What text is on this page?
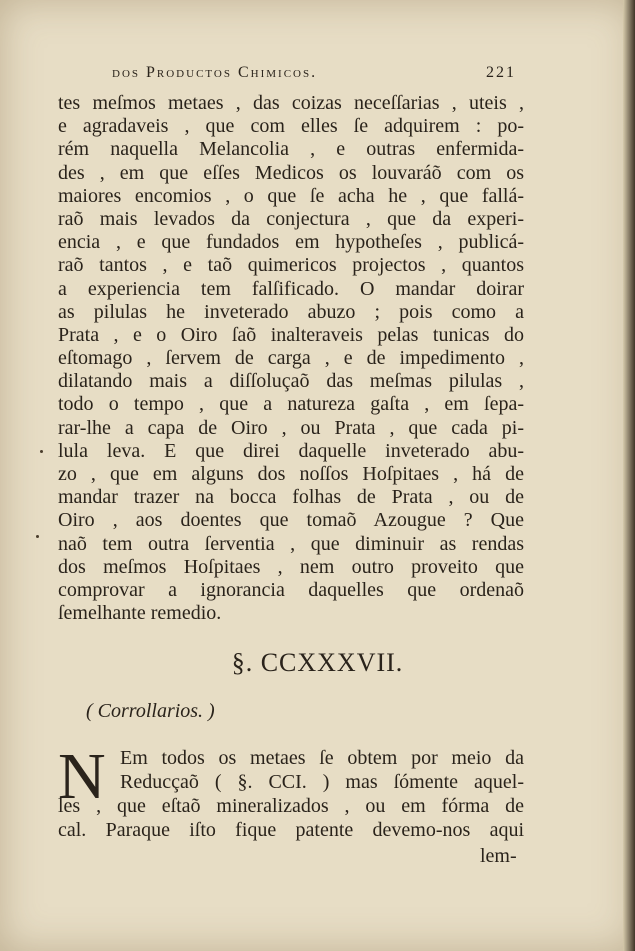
dos Productos Chimicos.	221
tes meſmos metaes , das coizas neceſſarias , uteis ,
e agradaveis , que com elles ſe adquirem : po-
rém naquella Melancolia , e outras enfermida-
des , em que eſſes Medicos os louvaráõ com os
maiores encomios , o que ſe acha he , que fallá-
raõ mais levados da conjectura , que da experi-
encia , e que fundados em hypotheſes , publicá-
raõ tantos , e taõ quimericos projectos , quantos
a experiencia tem falſificado. O mandar doirar
as pilulas he inveterado abuzo ; pois como a
Prata , e o Oiro ſaõ inalteraveis pelas tunicas do
eſtomago , ſervem de carga , e de impedimento ,
dilatando mais a diſſoluçaõ das meſmas pilulas ,
todo o tempo , que a natureza gaſta , em ſepa-
rar-lhe a capa de Oiro , ou Prata , que cada pi-
lula leva. E que direi daquelle inveterado abu-
zo , que em alguns dos noſſos Hoſpitaes , há de
mandar trazer na bocca folhas de Prata , ou de
Oiro , aos doentes que tomaõ Azougue ? Que
naõ tem outra ſerventia , que diminuir as rendas
dos meſmos Hoſpitaes , nem outro proveito que
comprovar a ignorancia daquelles que ordenaõ
ſemelhante remedio.
§. CCXXXVII.
( Corrollarios. )
N Em todos os metaes ſe obtem por meio da
Reducçaõ ( §. CCI. ) mas ſómente aquel-
les , que eſtaõ mineralizados , ou em fórma de
cal. Paraque iſto fique patente devemo-nos aqui
lem-
